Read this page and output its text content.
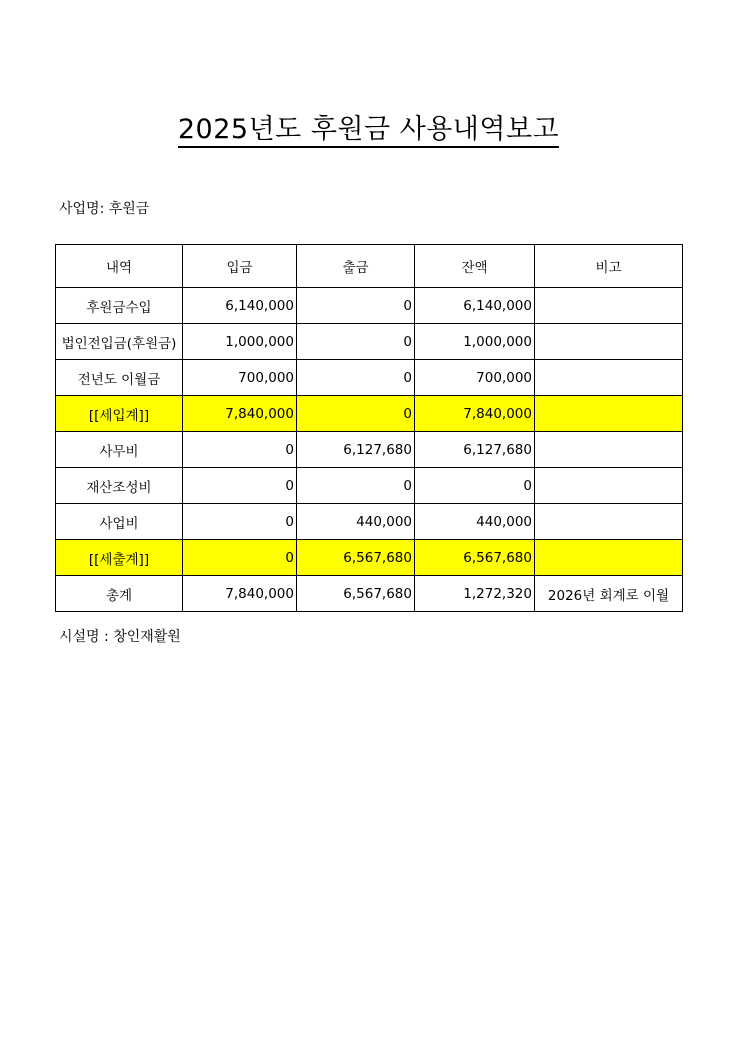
2025년도 후원금 사용내역보고
사업명: 후원금
내역	입금	출금	잔액	비고
후원금수입	6,140,000	0	6,140,000	
법인전입금(후원금)	1,000,000	0	1,000,000	
전년도 이월금	700,000	0	700,000	
[[세입계]]	7,840,000	0	7,840,000	
사무비	0	6,127,680	6,127,680	
재산조성비	0	0	0	
사업비	0	440,000	440,000	
[[세출계]]	0	6,567,680	6,567,680	
총계	7,840,000	6,567,680	1,272,320	2026년 회계로 이월
시설명 : 창인재활원
